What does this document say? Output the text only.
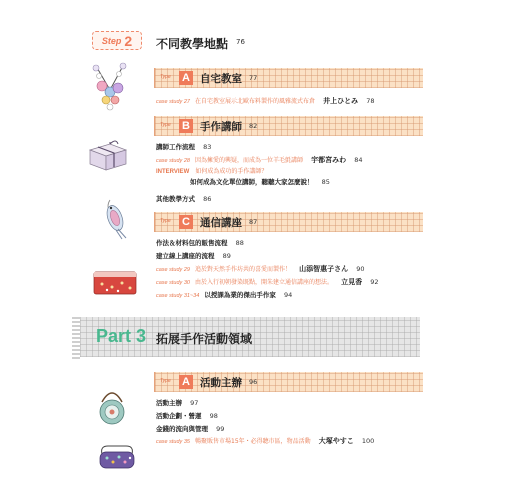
Step 2 不同教學地點 76
Type A 自宅教室 77
case study 27 在自宅教室展示北歐布料製作的風雅流式布倉 井上ひとみ 78
Type B 手作講師 82
講師工作流程 83
case study 28 因為擁愛的興疑，而成為一位羊毛氈講師 宇都宮みわ 84
INTERVIEW 如何成為成功的手作講師？
如何成為文化單位講師，聽聽大家怎麼說！ 85
其他教學方式 86
Type C 通信講座 87
作法＆材料包的販售流程 88
建立線上講座的流程 89
case study 29 追於對天然手作坊共的喜愛而製作！ 山添智惠子さん 90
case study 30 由於入行初朝發染既點，開朱建立通信講座的想法。 立見香 92
case study 31~34 以授課為業的傑出手作家 94
Part 3 拓展手作活動領域
Type A 活動主辦 96
活動主辦 97
活動企劃・營運 98
金錢的流向與管理 99
case study 35 暢聚販售市場15年・必得聽市區，物品活動 大塚やすこ 100
